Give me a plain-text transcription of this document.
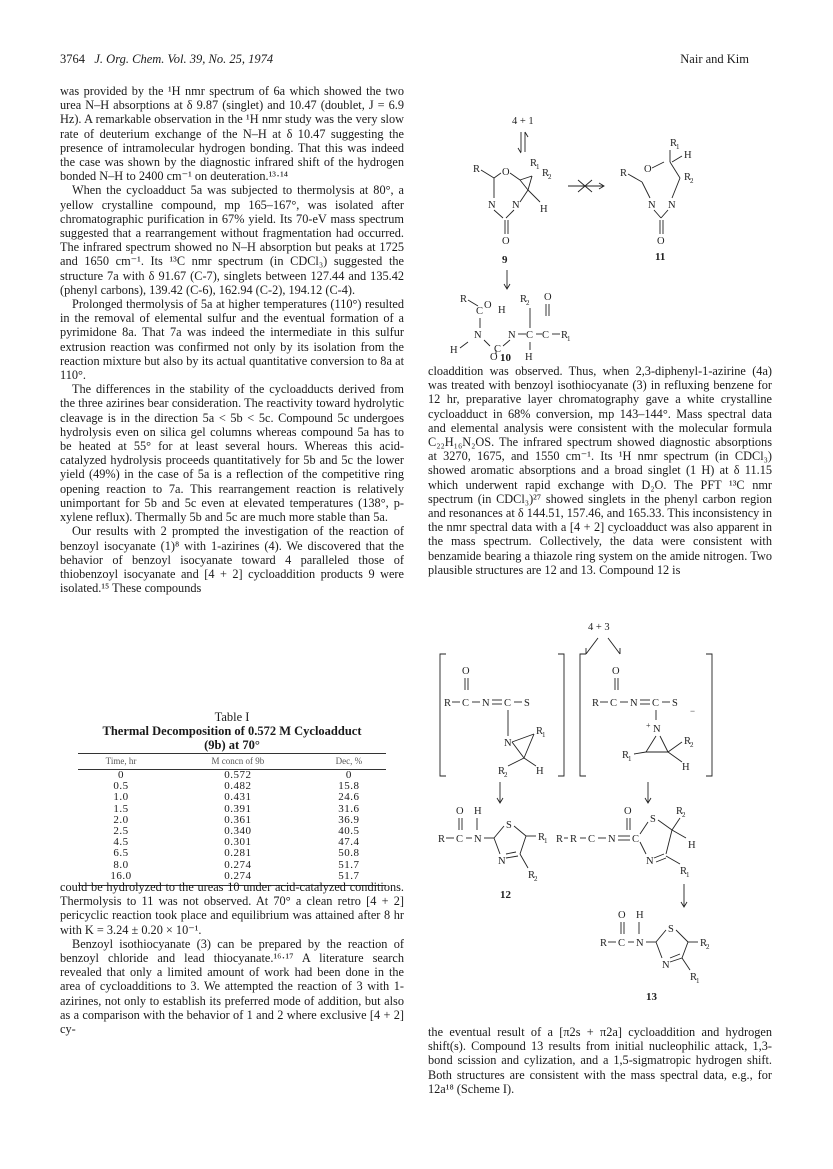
3764 J. Org. Chem. Vol. 39, No. 25, 1974	Nair and Kim

was provided by the ¹H nmr spectrum of 6a which showed the two urea N–H absorptions at δ 9.87 (singlet) and 10.47 (doublet, J = 6.9 Hz). A remarkable observation in the ¹H nmr study was the very slow rate of deuterium exchange of the N–H at δ 10.47 suggesting the presence of intramolecular hydrogen bonding. That this was indeed the case was shown by the diagnostic infrared shift of the hydrogen bonded N–H to 2400 cm⁻¹ on deuteration.¹³·¹⁴

When the cycloadduct 5a was subjected to thermolysis at 80°, a yellow crystalline compound, mp 165–167°, was isolated after chromatographic purification in 67% yield. Its 70-eV mass spectrum suggested that a rearrangement without fragmentation had occurred. The infrared spectrum showed no N–H absorption but peaks at 1725 and 1650 cm⁻¹. Its ¹³C nmr spectrum (in CDCl₃) suggested the structure 7a with δ 91.67 (C-7), singlets between 127.44 and 135.42 (phenyl carbons), 139.42 (C-6), 162.94 (C-2), 194.12 (C-4).

Prolonged thermolysis of 5a at higher temperatures (110°) resulted in the removal of elemental sulfur and the eventual formation of a pyrimidone 8a. That 7a was indeed the intermediate in this sulfur extrusion reaction was confirmed not only by its isolation from the reaction mixture but also by its actual quantitative conversion to 8a at 110°.

The differences in the stability of the cycloadducts derived from the three azirines bear consideration. The reactivity toward hydrolytic cleavage is in the direction 5a < 5b < 5c. Compound 5c undergoes hydrolysis even on silica gel columns whereas compound 5a has to be heated at 55° for at least several hours. Whereas this acid-catalyzed hydrolysis proceeds quantitatively for 5b and 5c the lower yield (49%) in the case of 5a is a reflection of the competitive ring opening reaction to 7a. This rearrangement reaction is relatively unimportant for 5b and 5c even at elevated temperatures (138°, p-xylene reflux). Thermally 5b and 5c are much more stable than 5a.

Our results with 2 prompted the investigation of the reaction of benzoyl isocyanate (1)⁸ with 1-azirines (4). We discovered that the behavior of benzoyl isocyanate toward 4 paralleled those of thiobenzoyl isocyanate and [4 + 2] cycloaddition products 9 were isolated.¹⁵ These compounds

Table I
Thermal Decomposition of 0.572 M Cycloadduct (9b) at 70°
Time, hr	M concn of 9b	Dec, %
0	0.572	0
0.5	0.482	15.8
1.0	0.431	24.6
1.5	0.391	31.6
2.0	0.361	36.9
2.5	0.340	40.5
4.5	0.301	47.4
6.5	0.281	50.8
8.0	0.274	51.7
16.0	0.274	51.7

could be hydrolyzed to the ureas 10 under acid-catalyzed conditions. Thermolysis to 11 was not observed. At 70° a clean retro [4 + 2] pericyclic reaction took place and equilibrium was attained after 8 hr with K = 3.24 ± 0.20 × 10⁻¹.

Benzoyl isothiocyanate (3) can be prepared by the reaction of benzoyl chloride and lead thiocyanate.¹⁶·¹⁷ A literature search revealed that only a limited amount of work had been done in the area of cycloadditions to 3. We attempted the reaction of 3 with 1-azirines, not only to establish its preferred mode of addition, but also as a comparison with the behavior of 1 and 2 where exclusive [4 + 2] cy-

cloaddition was observed. Thus, when 2,3-diphenyl-1-azirine (4a) was treated with benzoyl isothiocyanate (3) in refluxing benzene for 12 hr, preparative layer chromatography gave a white crystalline cycloadduct in 68% conversion, mp 143–144°. Mass spectral data and elemental analysis were consistent with the molecular formula C₂₂H₁₆N₂OS. The infrared spectrum showed diagnostic absorptions at 3270, 1675, and 1550 cm⁻¹. Its ¹H nmr spectrum (in CDCl₃) showed aromatic absorptions and a broad singlet (1 H) at δ 11.15 which underwent rapid exchange with D₂O. The PFT ¹³C nmr spectrum (in CDCl₃)²⁷ showed singlets in the phenyl carbon region and resonances at δ 144.51, 157.46, and 165.33. This inconsistency in the nmr spectral data with a [4 + 2] cycloadduct was also apparent in the mass spectrum. Collectively, the data were consistent with benzamide bearing a thiazole ring system on the amide nitrogen. Two plausible structures are 12 and 13. Compound 12 is

the eventual result of a [π2s + π2a] cycloaddition and hydrogen shift(s). Compound 13 results from initial nucleophilic attack, 1,3-bond scission and cylization, and a 1,5-sigmatropic hydrogen shift. Both structures are consistent with the mass spectral data, e.g., for 12a¹⁸ (Scheme I).

4 + 1
R O
R
1
R
2
H
N N
O
9
R O
R
1
H
R
2
N N
O
11
R
C
O H
R
2 O
N
H	C
N C C R
1
H
O 10
4 + 3
O
R C N C S
N
R
1
R
2	H
O
R C N C S
−
+ N
R
1
R
2
H
O H
R C N
S
N
R
1
R
2
12
O
R R C N C
S
R
2
H
N
R
1
O H
R C N
S
R
2
N
R
1
13
